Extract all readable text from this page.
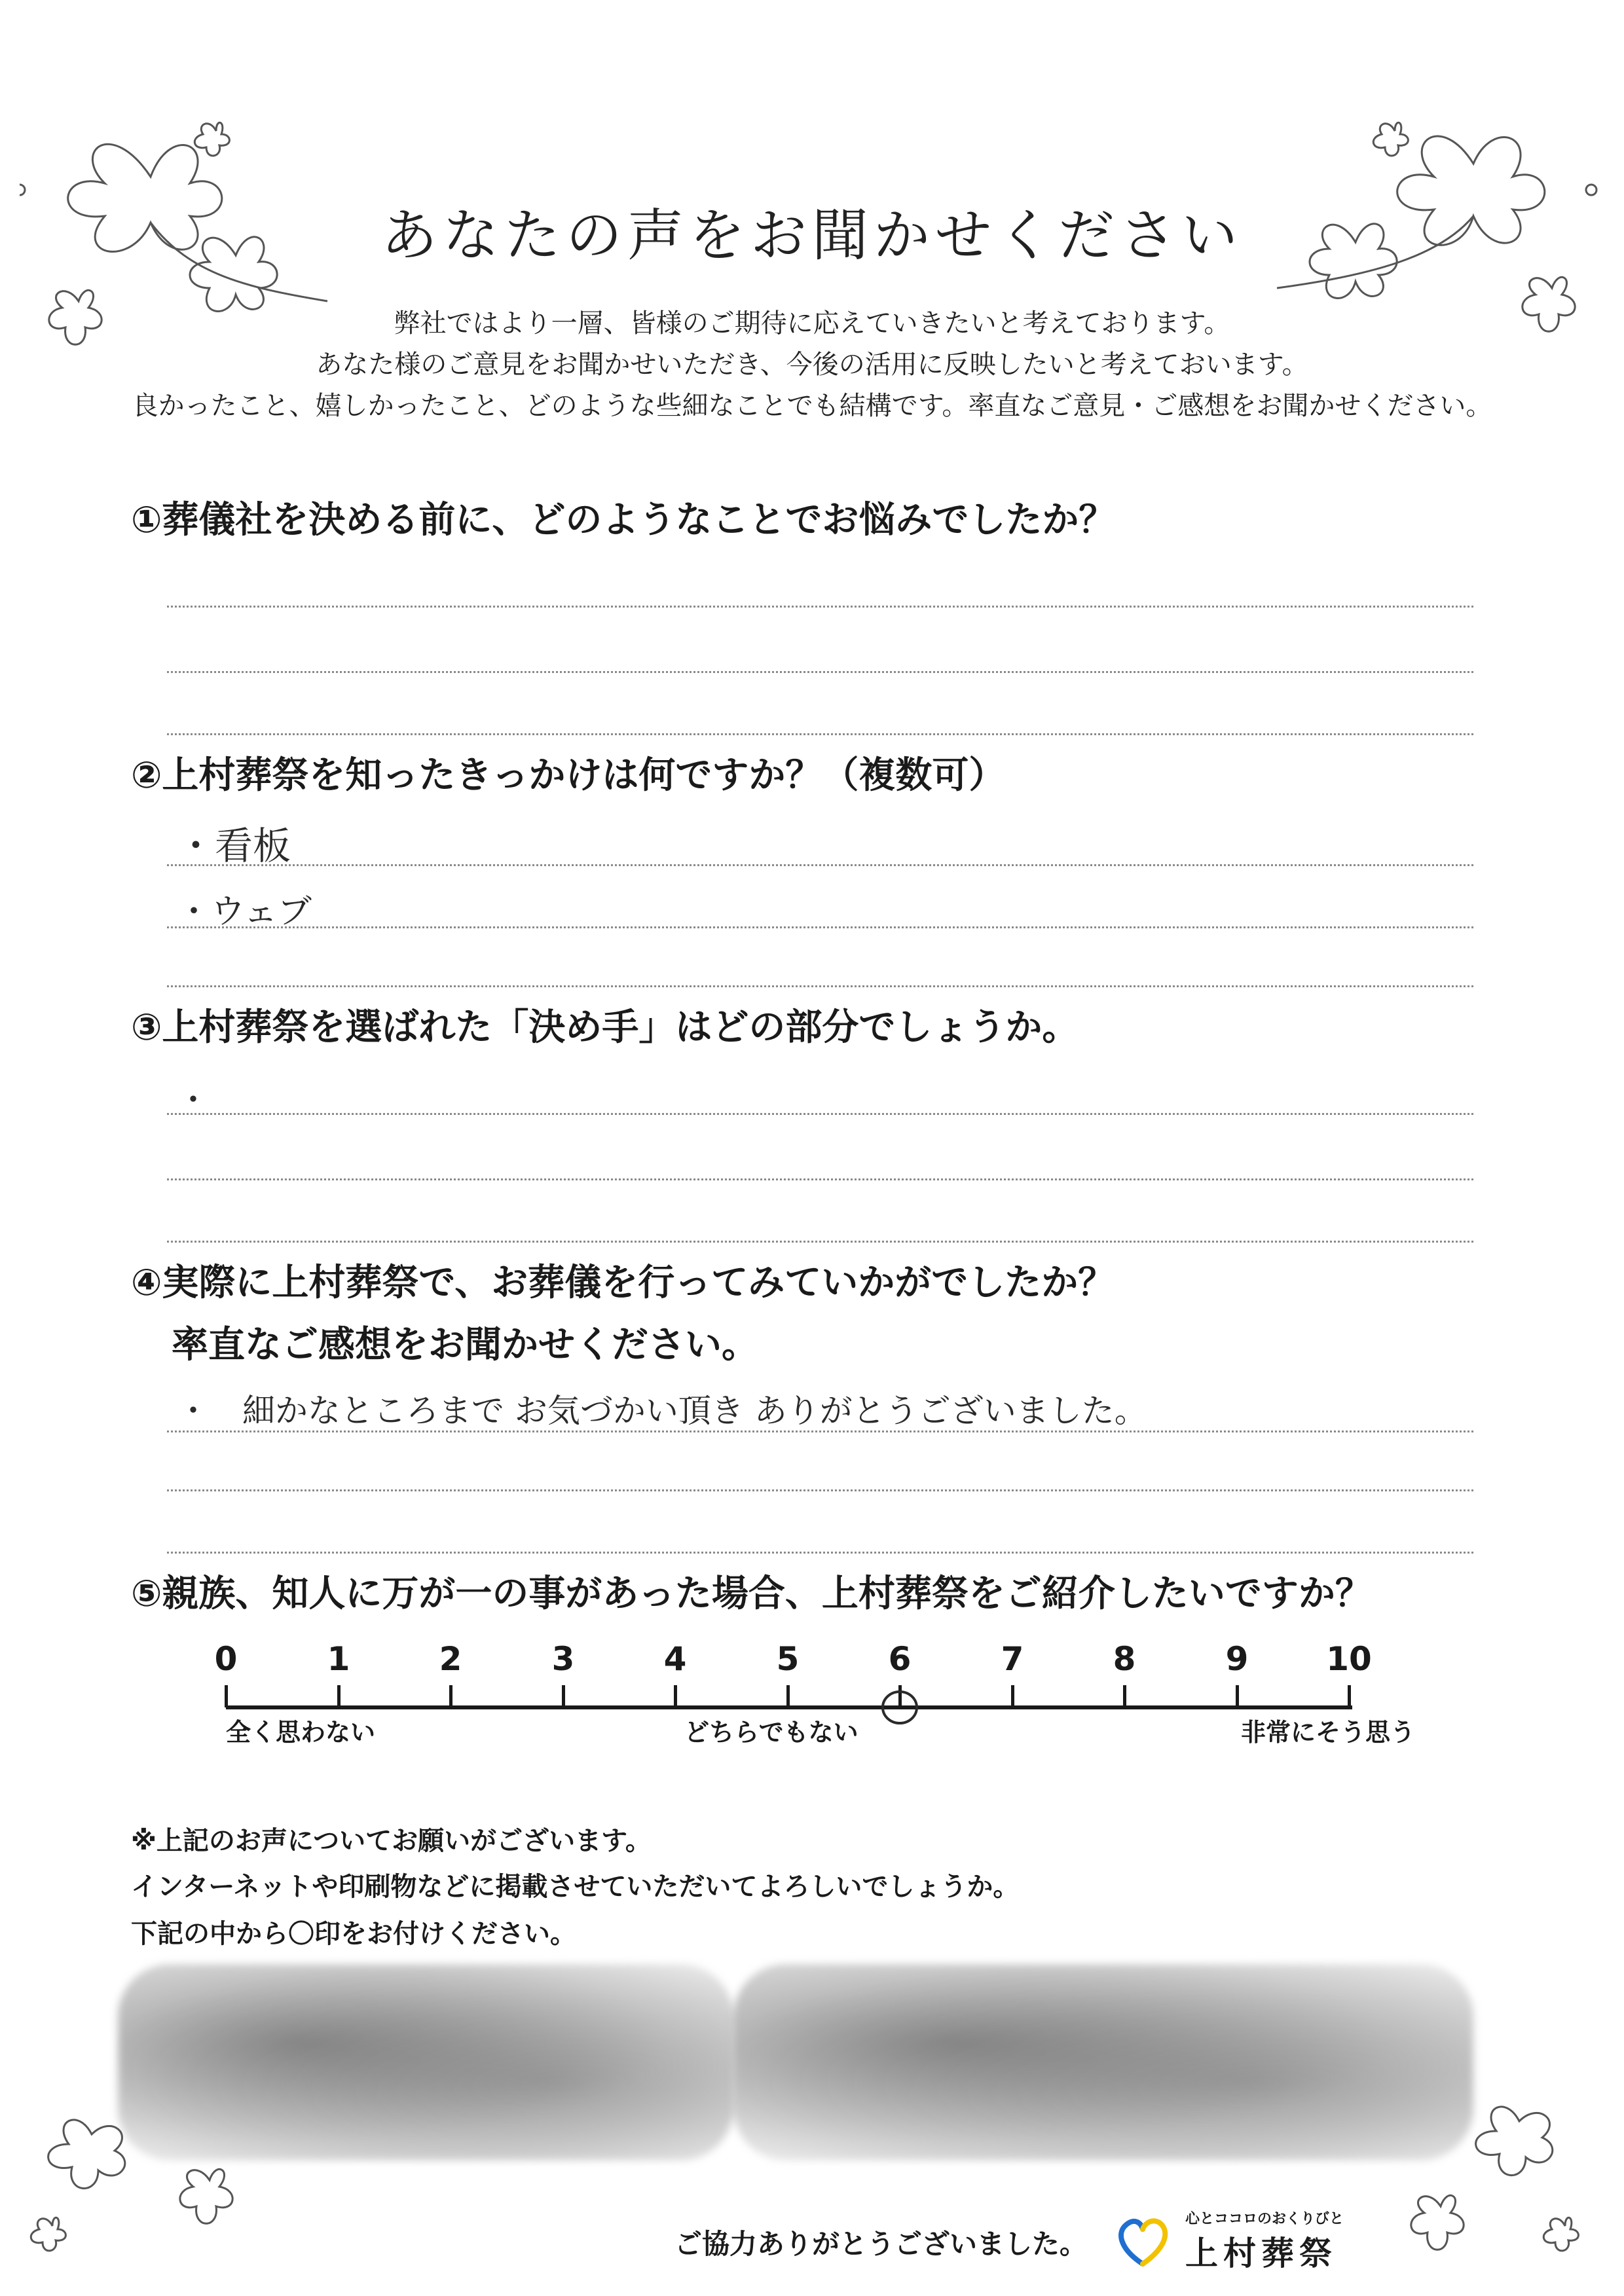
あなたの声をお聞かせください
弊社ではより一層、皆様のご期待に応えていきたいと考えております。
あなた様のご意見をお聞かせいただき、今後の活用に反映したいと考えておいます。
良かったこと、嬉しかったこと、どのような些細なことでも結構です。率直なご意見・ご感想をお聞かせください。
①葬儀社を決める前に、どのようなことでお悩みでしたか？
②上村葬祭を知ったきっかけは何ですか？（複数可）
・看板
・ウェブ
③上村葬祭を選ばれた「決め手」はどの部分でしょうか。
・
④実際に上村葬祭で、お葬儀を行ってみていかがでしたか？
率直なご感想をお聞かせください。
・　細かなところまで お気づかい頂き ありがとうございました。
⑤親族、知人に万が一の事があった場合、上村葬祭をご紹介したいですか？
0	1	2	3	4	5	6	7	8	9	10
全く思わない	どちらでもない	非常にそう思う
※上記のお声についてお願いがございます。
インターネットや印刷物などに掲載させていただいてよろしいでしょうか。
下記の中から〇印をお付けください。
ご協力ありがとうございました。
心とココロのおくりびと
上村葬祭
